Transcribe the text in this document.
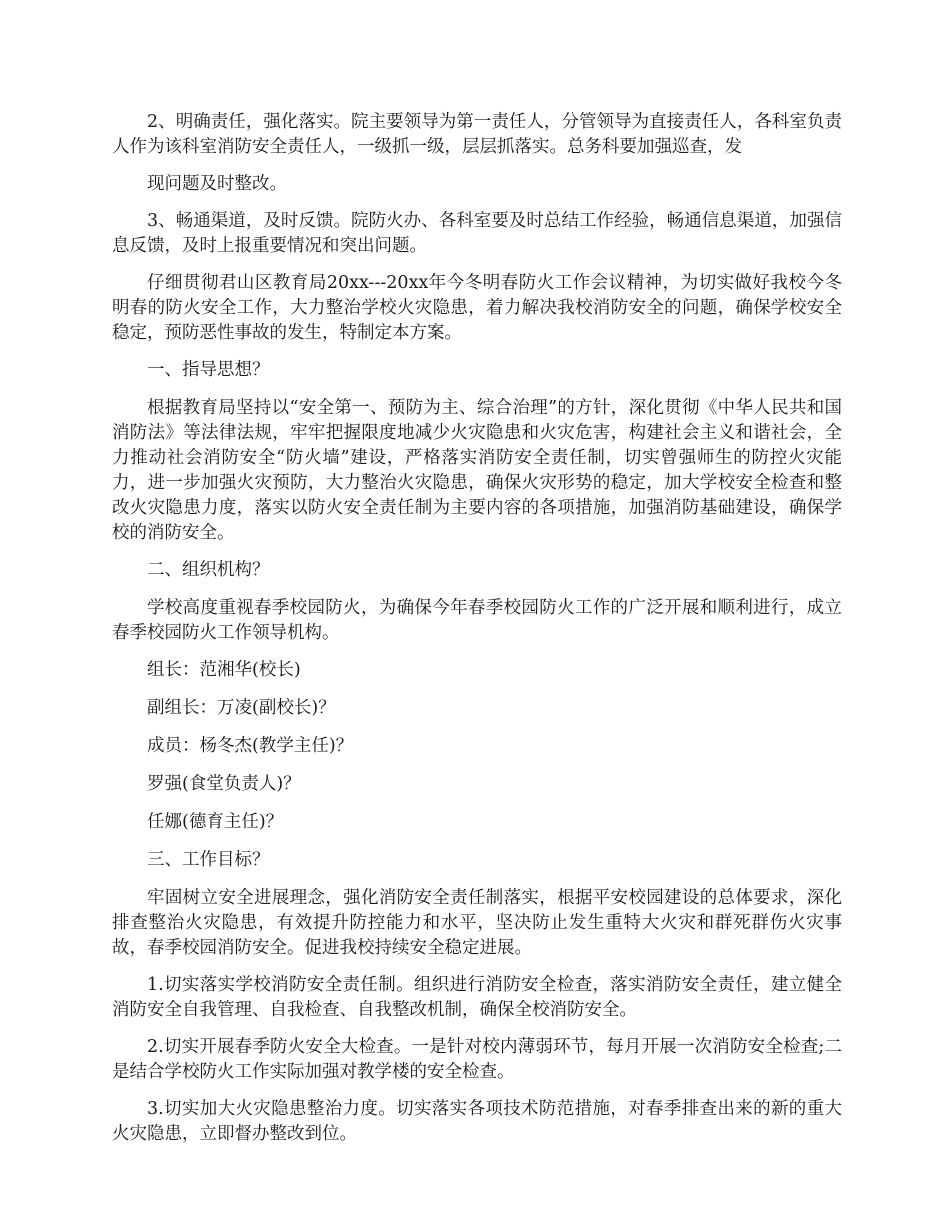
2、明确责任，强化落实。院主要领导为第一责任人，分管领导为直接责任人，各科室负责人作为该科室消防安全责任人，一级抓一级，层层抓落实。总务科要加强巡查，发

现问题及时整改。

3、畅通渠道，及时反馈。院防火办、各科室要及时总结工作经验，畅通信息渠道，加强信息反馈，及时上报重要情况和突出问题。

仔细贯彻君山区教育局20xx---20xx年今冬明春防火工作会议精神，为切实做好我校今冬明春的防火安全工作，大力整治学校火灾隐患，着力解决我校消防安全的问题，确保学校安全稳定，预防恶性事故的发生，特制定本方案。

一、指导思想？

根据教育局坚持以“安全第一、预防为主、综合治理”的方针，深化贯彻《中华人民共和国消防法》等法律法规，牢牢把握限度地减少火灾隐患和火灾危害，构建社会主义和谐社会，全力推动社会消防安全“防火墙”建设，严格落实消防安全责任制，切实曾强师生的防控火灾能力，进一步加强火灾预防，大力整治火灾隐患，确保火灾形势的稳定，加大学校安全检查和整改火灾隐患力度，落实以防火安全责任制为主要内容的各项措施，加强消防基础建设，确保学校的消防安全。

二、组织机构？

学校高度重视春季校园防火，为确保今年春季校园防火工作的广泛开展和顺利进行，成立春季校园防火工作领导机构。

组长：范湘华(校长)

副组长：万凌(副校长)？

成员：杨冬杰(教学主任)？

罗强(食堂负责人)？

任娜(德育主任)？

三、工作目标？

牢固树立安全进展理念，强化消防安全责任制落实，根据平安校园建设的总体要求，深化排查整治火灾隐患，有效提升防控能力和水平，坚决防止发生重特大火灾和群死群伤火灾事故，春季校园消防安全。促进我校持续安全稳定进展。

1.切实落实学校消防安全责任制。组织进行消防安全检查，落实消防安全责任，建立健全消防安全自我管理、自我检查、自我整改机制，确保全校消防安全。

2.切实开展春季防火安全大检查。一是针对校内薄弱环节，每月开展一次消防安全检查;二是结合学校防火工作实际加强对教学楼的安全检查。

3.切实加大火灾隐患整治力度。切实落实各项技术防范措施，对春季排查出来的新的重大火灾隐患，立即督办整改到位。
